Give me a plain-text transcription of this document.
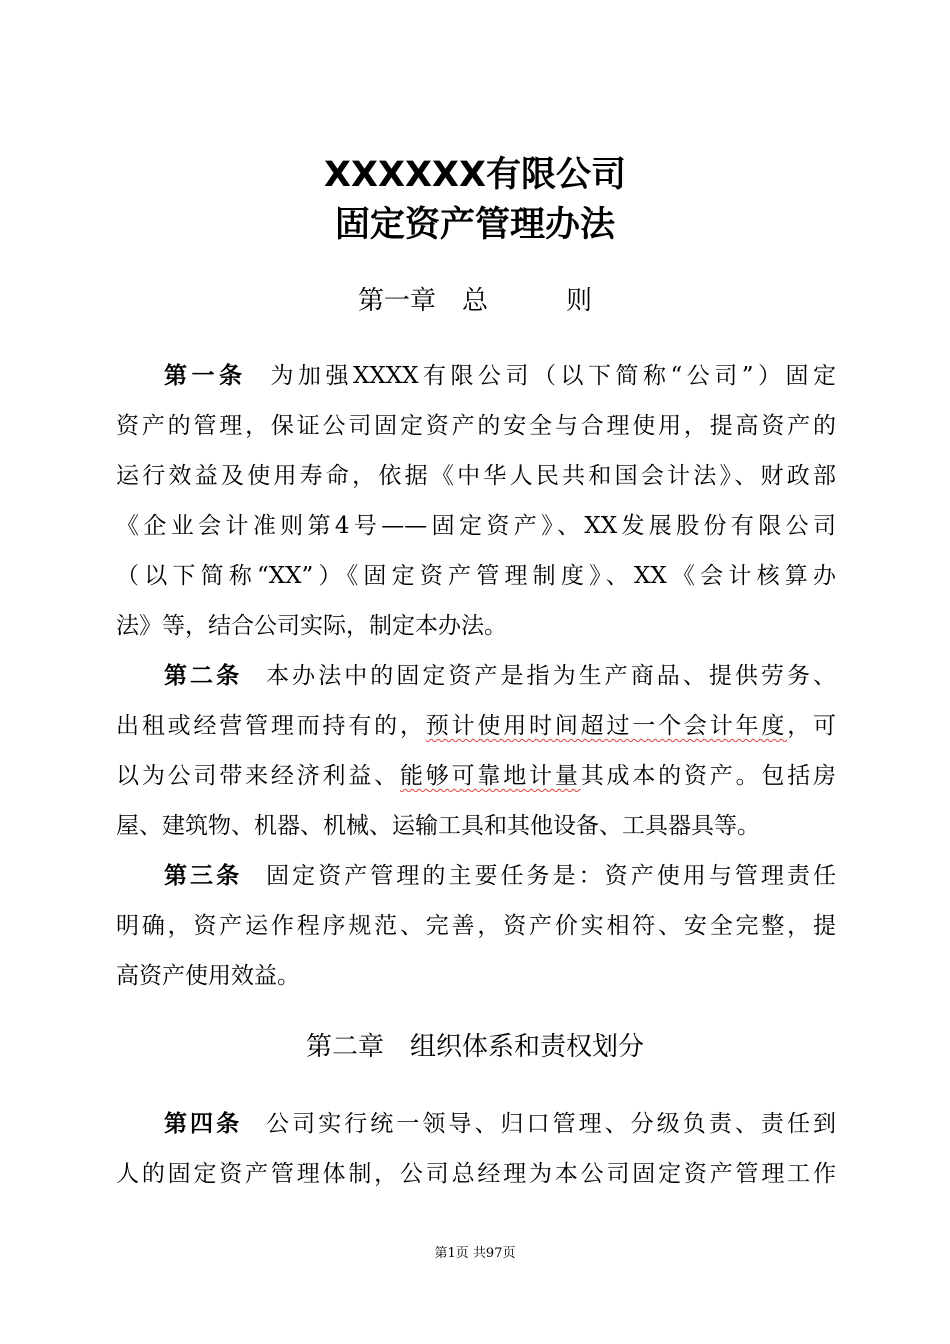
XXXXXX有限公司
固定资产管理办法
第一章　总　　　则
第一条 为加强XXXX有限公司（以下简称“公司”）固定
资产的管理，保证公司固定资产的安全与合理使用，提高资产的
运行效益及使用寿命，依据《中华人民共和国会计法》、财政部
《企业会计准则第4号——固定资产》、XX发展股份有限公司
（以下简称“XX”）《固定资产管理制度》、XX《会计核算办
法》等，结合公司实际，制定本办法。
第二条 本办法中的固定资产是指为生产商品、提供劳务、
出租或经营管理而持有的，预计使用时间超过一个会计年度，可
以为公司带来经济利益、能够可靠地计量其成本的资产。包括房
屋、建筑物、机器、机械、运输工具和其他设备、工具器具等。
第三条 固定资产管理的主要任务是：资产使用与管理责任
明确，资产运作程序规范、完善，资产价实相符、安全完整，提
高资产使用效益。
第二章　组织体系和责权划分
第四条 公司实行统一领导、归口管理、分级负责、责任到
人的固定资产管理体制，公司总经理为本公司固定资产管理工作
第1页 共97页
